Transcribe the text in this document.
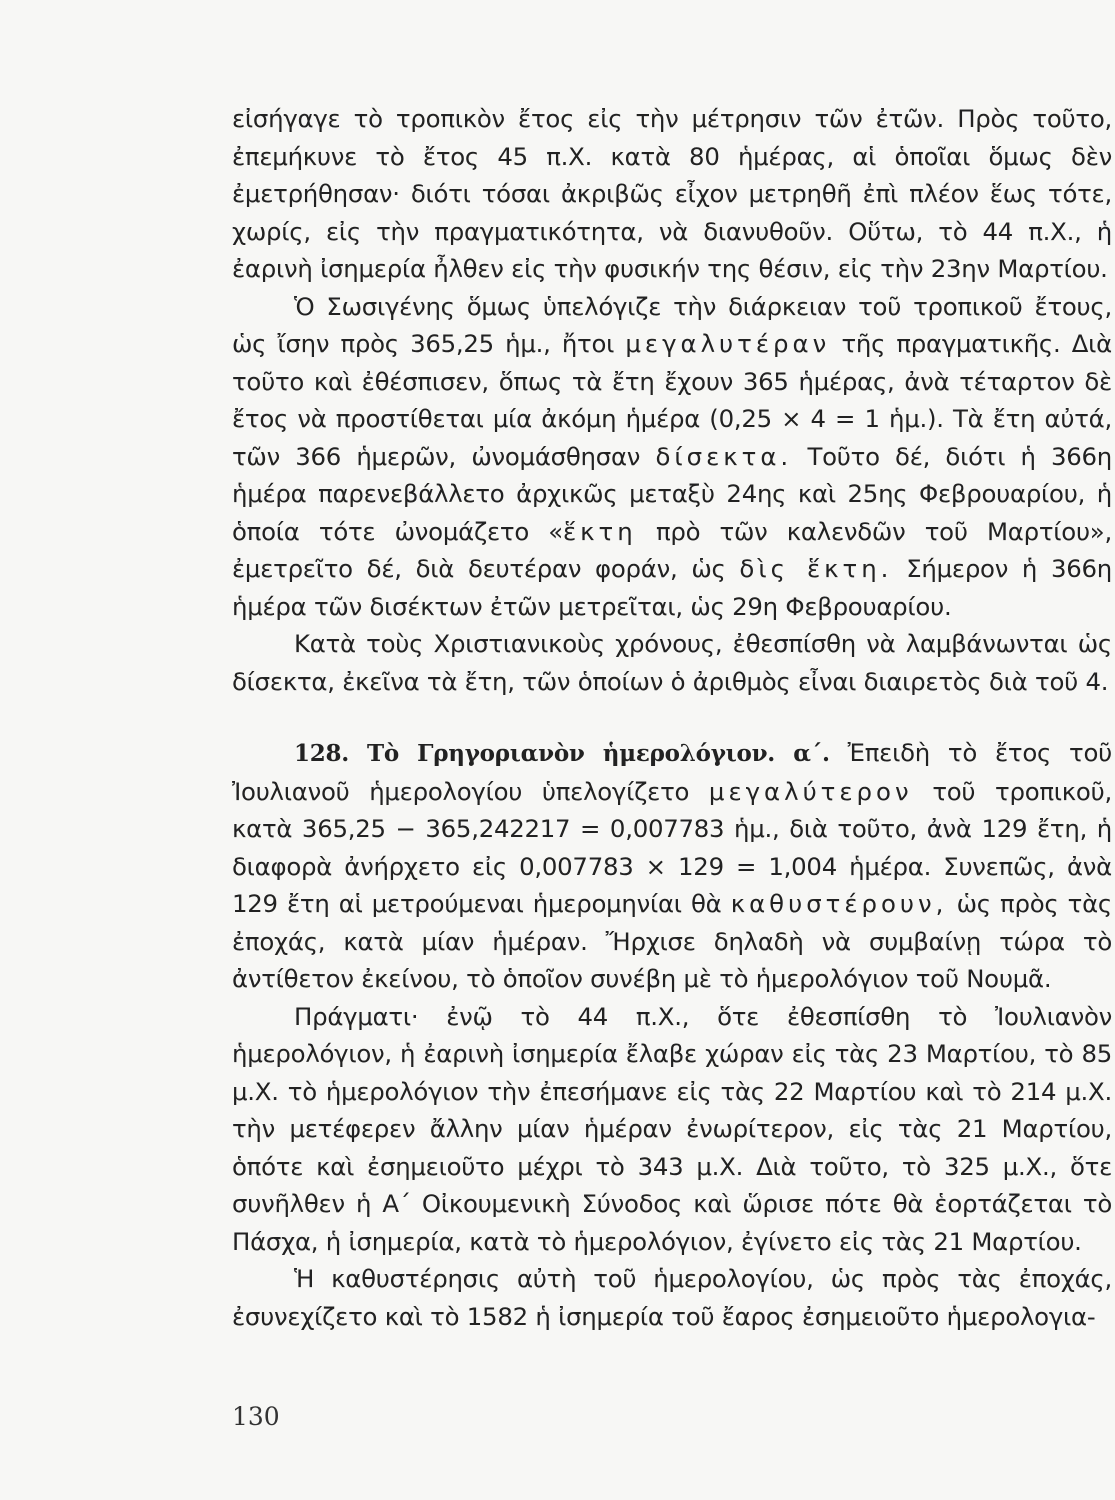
εἰσήγαγε τὸ τροπικὸν ἔτος εἰς τὴν μέτρησιν τῶν ἐτῶν. Πρὸς τοῦτο, ἐπεμήκυνε τὸ ἔτος 45 π.Χ. κατὰ 80 ἡμέρας, αἱ ὁποῖαι ὅμως δὲν ἐμετρήθησαν· διότι τόσαι ἀκριβῶς εἶχον μετρηθῆ ἐπὶ πλέον ἕως τότε, χωρίς, εἰς τὴν πραγματικότητα, νὰ διανυθοῦν. Οὕτω, τὸ 44 π.Χ., ἡ ἐαρινὴ ἰσημερία ἦλθεν εἰς τὴν φυσικήν της θέσιν, εἰς τὴν 23ην Μαρτίου.

Ὁ Σωσιγένης ὅμως ὑπελόγιζε τὴν διάρκειαν τοῦ τροπικοῦ ἔτους, ὡς ἴσην πρὸς 365,25 ἡμ., ἤτοι μεγαλυτέραν τῆς πραγματικῆς. Διὰ τοῦτο καὶ ἐθέσπισεν, ὅπως τὰ ἔτη ἔχουν 365 ἡμέρας, ἀνὰ τέταρτον δὲ ἔτος νὰ προστίθεται μία ἀκόμη ἡμέρα (0,25 × 4 = 1 ἡμ.). Τὰ ἔτη αὐτά, τῶν 366 ἡμερῶν, ὠνομάσθησαν δίσεκτα. Τοῦτο δέ, διότι ἡ 366η ἡμέρα παρενεβάλλετο ἀρχικῶς μεταξὺ 24ης καὶ 25ης Φεβρουαρίου, ἡ ὁποία τότε ὠνομάζετο «ἕκτη πρὸ τῶν καλενδῶν τοῦ Μαρτίου», ἐμετρεῖτο δέ, διὰ δευτέραν φοράν, ὡς δὶς ἕκτη. Σήμερον ἡ 366η ἡμέρα τῶν δισέκτων ἐτῶν μετρεῖται, ὡς 29η Φεβρουαρίου.

Κατὰ τοὺς Χριστιανικοὺς χρόνους, ἐθεσπίσθη νὰ λαμβάνωνται ὡς δίσεκτα, ἐκεῖνα τὰ ἔτη, τῶν ὁποίων ὁ ἀριθμὸς εἶναι διαιρετὸς διὰ τοῦ 4.

128. Τὸ Γρηγοριανὸν ἡμερολόγιον. α΄. Ἐπειδὴ τὸ ἔτος τοῦ Ἰουλιανοῦ ἡμερολογίου ὑπελογίζετο μεγαλύτερον τοῦ τροπικοῦ, κατὰ 365,25 − 365,242217 = 0,007783 ἡμ., διὰ τοῦτο, ἀνὰ 129 ἔτη, ἡ διαφορὰ ἀνήρχετο εἰς 0,007783 × 129 = 1,004 ἡμέρα. Συνεπῶς, ἀνὰ 129 ἔτη αἱ μετρούμεναι ἡμερομηνίαι θὰ καθυστέρουν, ὡς πρὸς τὰς ἐποχάς, κατὰ μίαν ἡμέραν. Ἤρχισε δηλαδὴ νὰ συμβαίνῃ τώρα τὸ ἀντίθετον ἐκείνου, τὸ ὁποῖον συνέβη μὲ τὸ ἡμερολόγιον τοῦ Νουμᾶ.

Πράγματι· ἐνῷ τὸ 44 π.Χ., ὅτε ἐθεσπίσθη τὸ Ἰουλιανὸν ἡμερολόγιον, ἡ ἐαρινὴ ἰσημερία ἔλαβε χώραν εἰς τὰς 23 Μαρτίου, τὸ 85 μ.Χ. τὸ ἡμερολόγιον τὴν ἐπεσήμανε εἰς τὰς 22 Μαρτίου καὶ τὸ 214 μ.Χ. τὴν μετέφερεν ἄλλην μίαν ἡμέραν ἐνωρίτερον, εἰς τὰς 21 Μαρτίου, ὁπότε καὶ ἐσημειοῦτο μέχρι τὸ 343 μ.Χ. Διὰ τοῦτο, τὸ 325 μ.Χ., ὅτε συνῆλθεν ἡ Α΄ Οἰκουμενικὴ Σύνοδος καὶ ὥρισε πότε θὰ ἑορτάζεται τὸ Πάσχα, ἡ ἰσημερία, κατὰ τὸ ἡμερολόγιον, ἐγίνετο εἰς τὰς 21 Μαρτίου.

Ἡ καθυστέρησις αὐτὴ τοῦ ἡμερολογίου, ὡς πρὸς τὰς ἐποχάς, ἐσυνεχίζετο καὶ τὸ 1582 ἡ ἰσημερία τοῦ ἔαρος ἐσημειοῦτο ἡμερολογια-

130
